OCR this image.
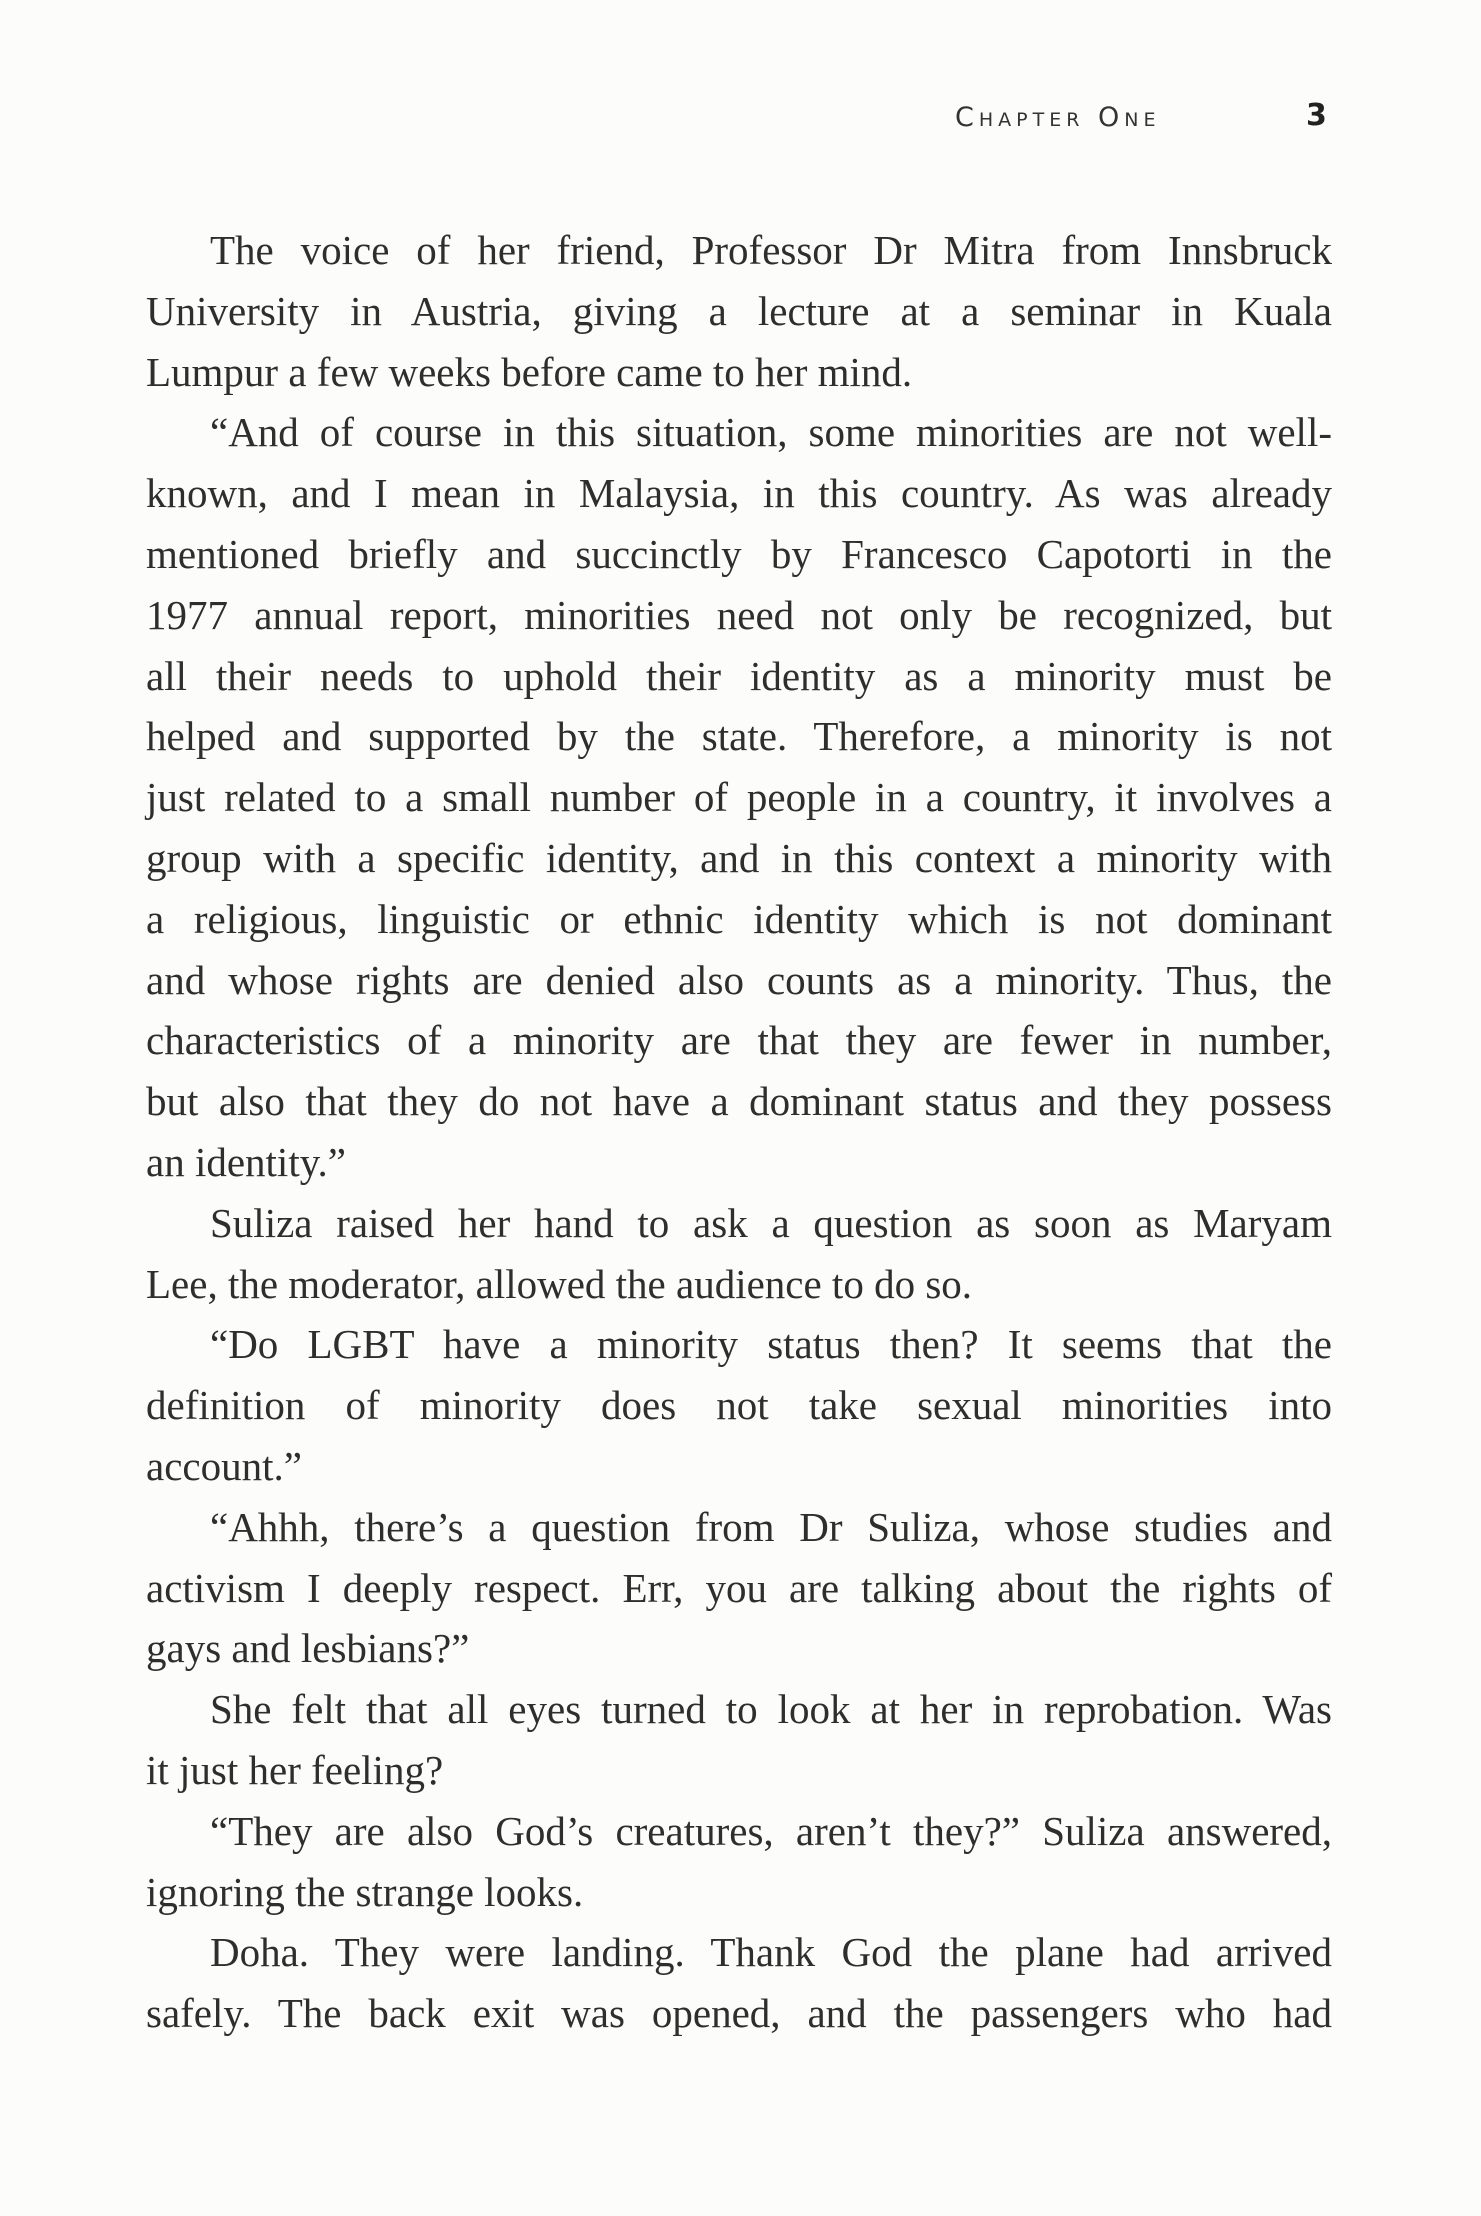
Chapter One	3
The voice of her friend, Professor Dr Mitra from Innsbruck
University in Austria, giving a lecture at a seminar in Kuala
Lumpur a few weeks before came to her mind.
“And of course in this situation, some minorities are not well-
known, and I mean in Malaysia, in this country. As was already
mentioned briefly and succinctly by Francesco Capotorti in the
1977 annual report, minorities need not only be recognized, but
all their needs to uphold their identity as a minority must be
helped and supported by the state. Therefore, a minority is not
just related to a small number of people in a country, it involves a
group with a specific identity, and in this context a minority with
a religious, linguistic or ethnic identity which is not dominant
and whose rights are denied also counts as a minority. Thus, the
characteristics of a minority are that they are fewer in number,
but also that they do not have a dominant status and they possess
an identity.”
Suliza raised her hand to ask a question as soon as Maryam
Lee, the moderator, allowed the audience to do so.
“Do LGBT have a minority status then? It seems that the
definition of minority does not take sexual minorities into
account.”
“Ahhh, there’s a question from Dr Suliza, whose studies and
activism I deeply respect. Err, you are talking about the rights of
gays and lesbians?”
She felt that all eyes turned to look at her in reprobation. Was
it just her feeling?
“They are also God’s creatures, aren’t they?” Suliza answered,
ignoring the strange looks.
Doha. They were landing. Thank God the plane had arrived
safely. The back exit was opened, and the passengers who had
